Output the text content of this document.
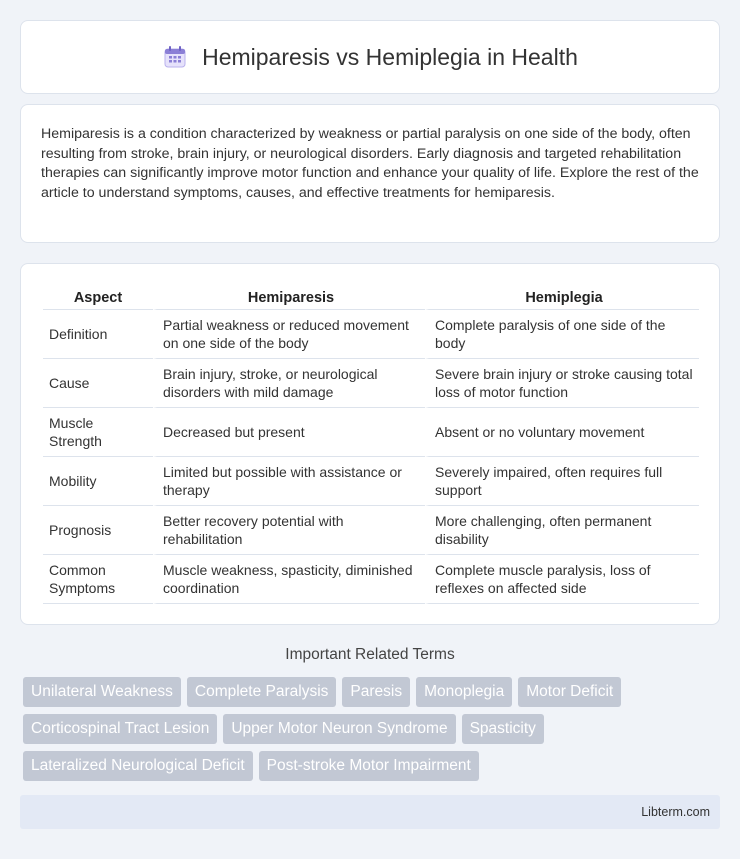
Hemiparesis vs Hemiplegia in Health

Hemiparesis is a condition characterized by weakness or partial paralysis on one side of the body, often resulting from stroke, brain injury, or neurological disorders. Early diagnosis and targeted rehabilitation therapies can significantly improve motor function and enhance your quality of life. Explore the rest of the article to understand symptoms, causes, and effective treatments for hemiparesis.

Aspect	Hemiparesis	Hemiplegia
Definition	Partial weakness or reduced movement on one side of the body	Complete paralysis of one side of the body
Cause	Brain injury, stroke, or neurological disorders with mild damage	Severe brain injury or stroke causing total loss of motor function
Muscle Strength	Decreased but present	Absent or no voluntary movement
Mobility	Limited but possible with assistance or therapy	Severely impaired, often requires full support
Prognosis	Better recovery potential with rehabilitation	More challenging, often permanent disability
Common Symptoms	Muscle weakness, spasticity, diminished coordination	Complete muscle paralysis, loss of reflexes on affected side
Important Related Terms
Unilateral Weakness	Complete Paralysis	Paresis	Monoplegia	Motor Deficit
Corticospinal Tract Lesion	Upper Motor Neuron Syndrome	Spasticity
Lateralized Neurological Deficit	Post-stroke Motor Impairment
Libterm.com
